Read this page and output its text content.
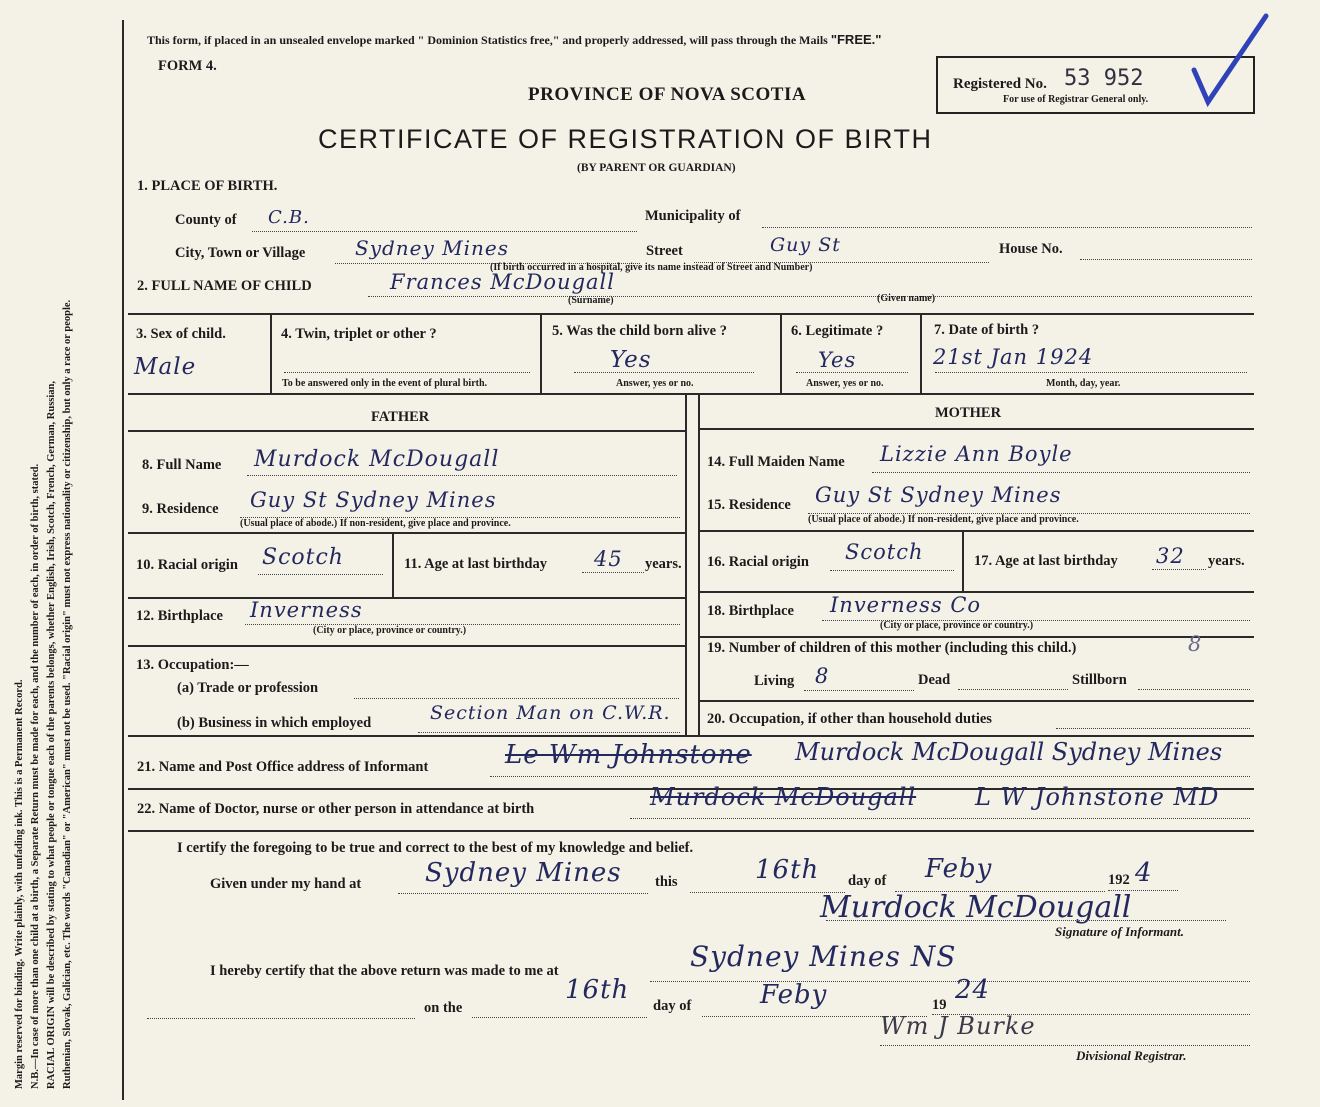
Margin reserved for binding. Write plainly, with unfading ink. This is a Permanent Record. N.B.—In case of more than one child at a birth, a Separate Return must be made for each, and the number of each, in order of birth, stated. RACIAL ORIGIN will be described by stating to what people or tongue each of the parents belongs, whether English, Irish, Scotch, French, German, Russian, Ruthenian, Slovak, Galician, etc. The words "Canadian" or "American" must not be used. "Racial origin" must not express nationality or citizenship, but only a race or people.
This form, if placed in an unsealed envelope marked " Dominion Statistics free," and properly addressed, will pass through the Mails "FREE."
FORM 4.
Registered No. 53 952
For use of Registrar General only.
PROVINCE OF NOVA SCOTIA
CERTIFICATE OF REGISTRATION OF BIRTH
(BY PARENT OR GUARDIAN)
1. PLACE OF BIRTH.
County of C.B.	Municipality of
City, Town or Village Sydney Mines	Street	Guy St	House No.
(If birth occurred in a hospital, give its name instead of Street and Number)
2. FULL NAME OF CHILD	Frances McDougall
(Surname)	(Given name)
3. Sex of child.
Male
4. Twin, triplet or other ?
To be answered only in the event of plural birth.
5. Was the child born alive ?
Yes
Answer, yes or no.
6. Legitimate ?
Yes
Answer, yes or no.
7. Date of birth ?
21st Jan 1924
Month, day, year.
FATHER
8. Full Name Murdock McDougall
9. Residence Guy St Sydney Mines
(Usual place of abode.) If non-resident, give place and province.
10. Racial origin Scotch	11. Age at last birthday 45 years.
12. Birthplace Inverness
(City or place, province or country.)
13. Occupation:—
(a) Trade or profession
(b) Business in which employed	Section Man on C.W.R.
MOTHER
14. Full Maiden Name Lizzie Ann Boyle
15. Residence Guy St Sydney Mines
(Usual place of abode.) If non-resident, give place and province.
16. Racial origin Scotch	17. Age at last birthday 32 years.
18. Birthplace Inverness Co
(City or place, province or country.)
19. Number of children of this mother (including this child.)	8
Living 8	Dead	Stillborn
20. Occupation, if other than household duties
21. Name and Post Office address of Informant	Le Wm Johnstone Murdock McDougall Sydney Mines
22. Name of Doctor, nurse or other person in attendance at birth	Murdock McDougall L W Johnstone MD
I certify the foregoing to be true and correct to the best of my knowledge and belief.
Given under my hand at Sydney Mines this	16th day of Feby	192 4
Murdock McDougall
Signature of Informant.
I hereby certify that the above return was made to me at	Sydney Mines NS
on the
16th
day of	Feby	19 24
Wm J Burke
Divisional Registrar.
